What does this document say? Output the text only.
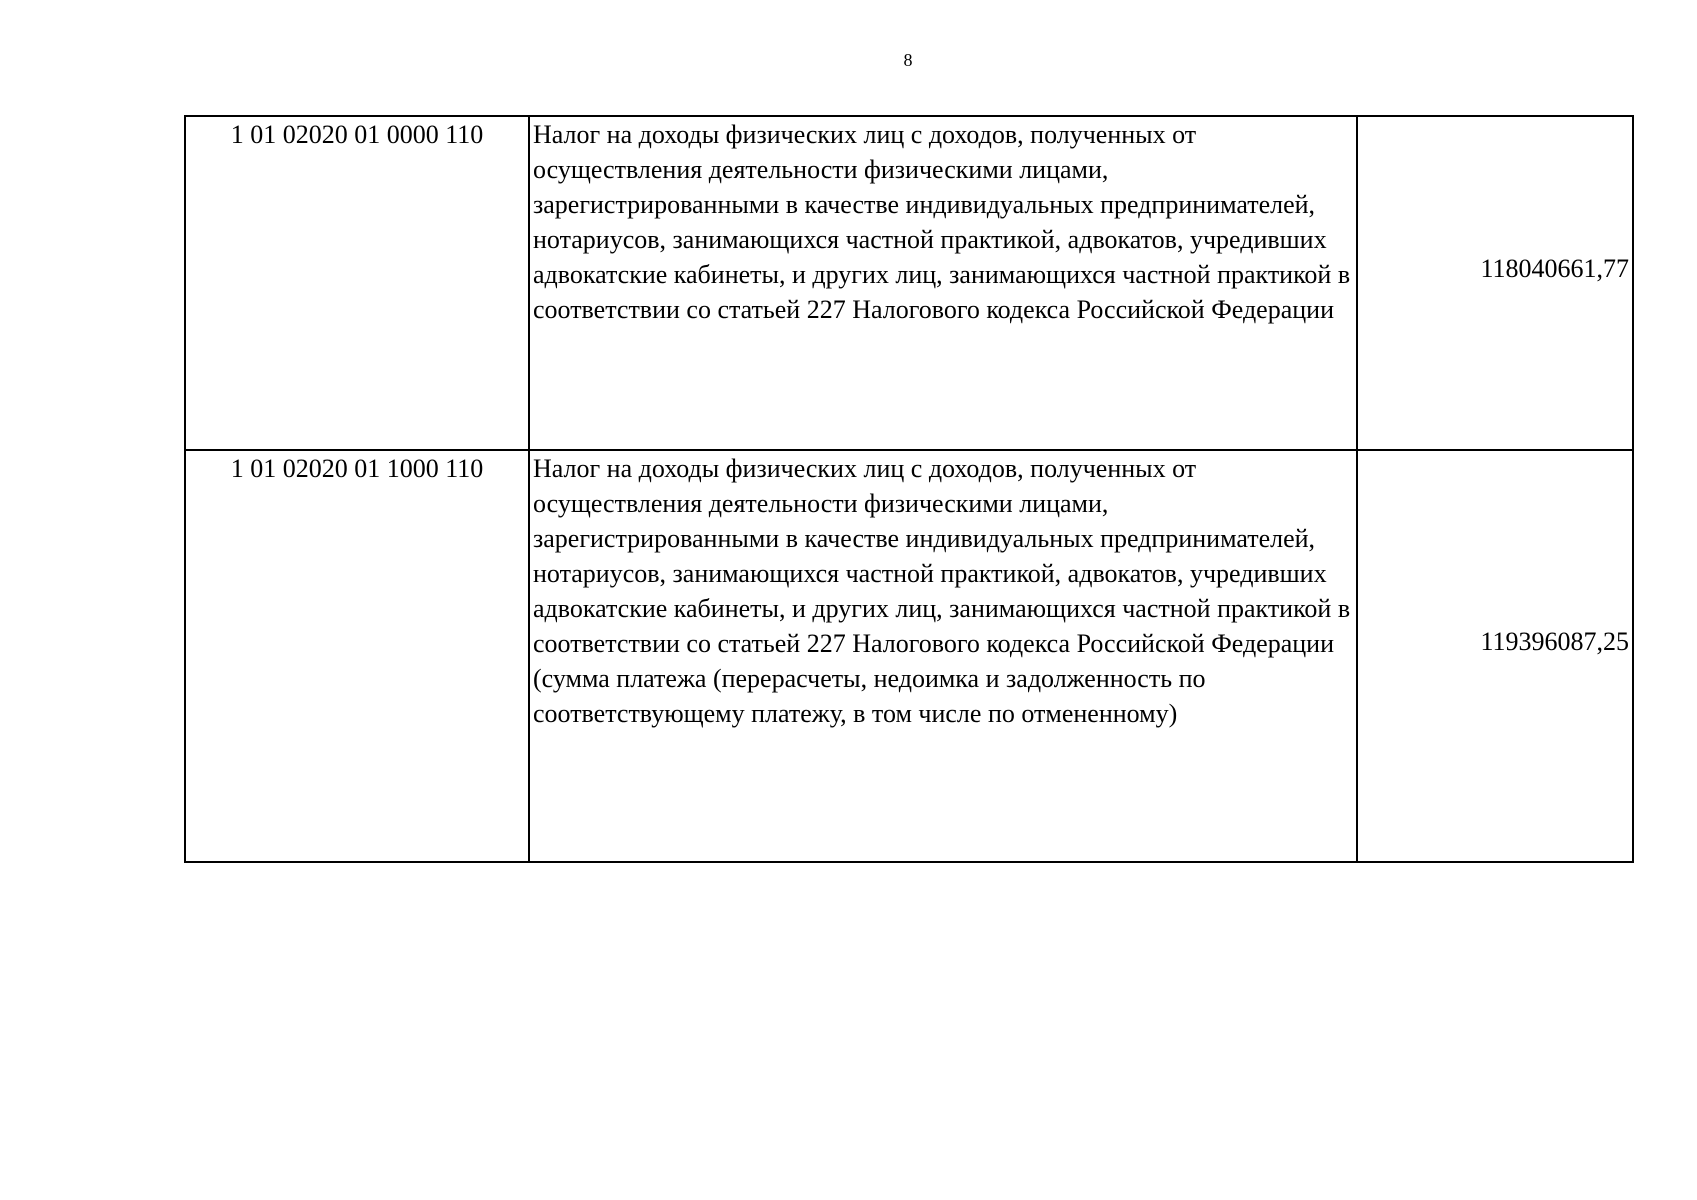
8
1 01 02020 01 0000 110	Налог на доходы физических лиц с доходов, полученных от осуществления деятельности физическими лицами, зарегистрированными в качестве индивидуальных предпринимателей, нотариусов, занимающихся частной практикой, адвокатов, учредивших адвокатские кабинеты, и других лиц, занимающихся частной практикой в соответствии со статьей 227 Налогового кодекса Российской Федерации	118040661,77
1 01 02020 01 1000 110	Налог на доходы физических лиц с доходов, полученных от осуществления деятельности физическими лицами, зарегистрированными в качестве индивидуальных предпринимателей, нотариусов, занимающихся частной практикой, адвокатов, учредивших адвокатские кабинеты, и других лиц, занимающихся частной практикой в соответствии со статьей 227 Налогового кодекса Российской Федерации (сумма платежа (перерасчеты, недоимка и задолженность по соответствующему платежу, в том числе по отмененному)	119396087,25
